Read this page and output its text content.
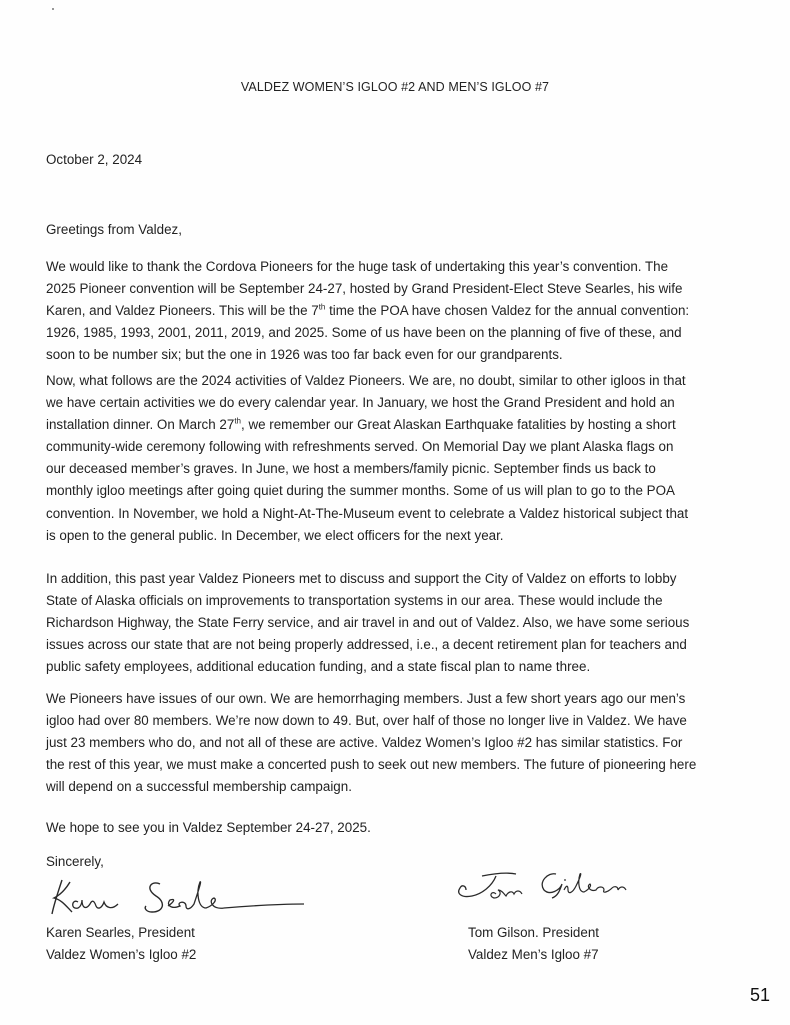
VALDEZ WOMEN’S IGLOO #2 AND MEN’S IGLOO #7
October 2, 2024
Greetings from Valdez,

We would like to thank the Cordova Pioneers for the huge task of undertaking this year’s convention. The
2025 Pioneer convention will be September 24-27, hosted by Grand President-Elect Steve Searles, his wife
Karen, and Valdez Pioneers. This will be the 7th time the POA have chosen Valdez for the annual convention:
1926, 1985, 1993, 2001, 2011, 2019, and 2025. Some of us have been on the planning of five of these, and
soon to be number six; but the one in 1926 was too far back even for our grandparents.

Now, what follows are the 2024 activities of Valdez Pioneers. We are, no doubt, similar to other igloos in that
we have certain activities we do every calendar year. In January, we host the Grand President and hold an
installation dinner. On March 27th, we remember our Great Alaskan Earthquake fatalities by hosting a short
community-wide ceremony following with refreshments served. On Memorial Day we plant Alaska flags on
our deceased member’s graves. In June, we host a members/family picnic. September finds us back to
monthly igloo meetings after going quiet during the summer months. Some of us will plan to go to the POA
convention. In November, we hold a Night-At-The-Museum event to celebrate a Valdez historical subject that
is open to the general public. In December, we elect officers for the next year.

In addition, this past year Valdez Pioneers met to discuss and support the City of Valdez on efforts to lobby
State of Alaska officials on improvements to transportation systems in our area. These would include the
Richardson Highway, the State Ferry service, and air travel in and out of Valdez. Also, we have some serious
issues across our state that are not being properly addressed, i.e., a decent retirement plan for teachers and
public safety employees, additional education funding, and a state fiscal plan to name three.

We Pioneers have issues of our own. We are hemorrhaging members. Just a few short years ago our men’s
igloo had over 80 members. We’re now down to 49. But, over half of those no longer live in Valdez. We have
just 23 members who do, and not all of these are active. Valdez Women’s Igloo #2 has similar statistics. For
the rest of this year, we must make a concerted push to seek out new members. The future of pioneering here
will depend on a successful membership campaign.

We hope to see you in Valdez September 24-27, 2025.
Sincerely,
Karen Searles, President
Valdez Women’s Igloo #2
Tom Gilson. President
Valdez Men’s Igloo #7
51
